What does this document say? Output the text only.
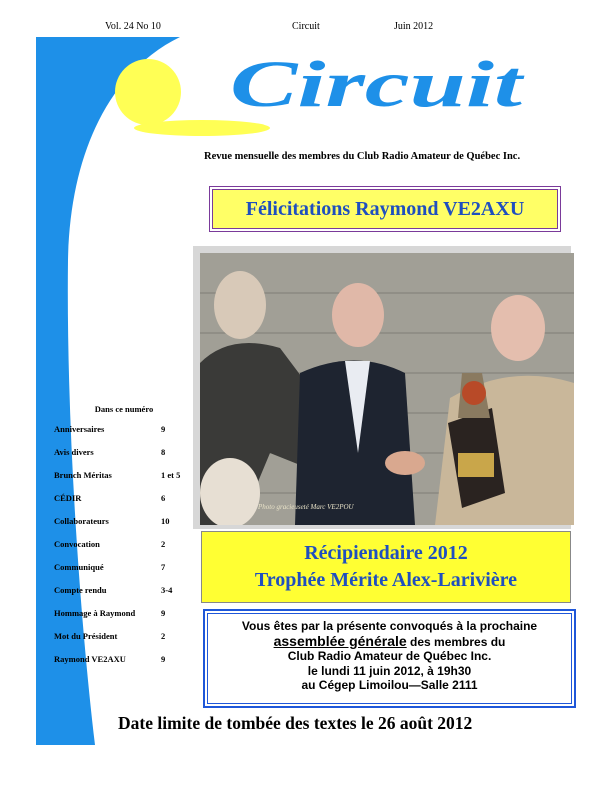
Vol. 24 No 10	Circuit	Juin 2012
Circuit
Revue mensuelle des membres du Club Radio Amateur de Québec Inc.
Félicitations Raymond VE2AXU
Photo gracieuseté Marc VE2POU
Dans ce numéro
Anniversaires	9
Avis divers	8
Brunch Méritas	1 et 5
CÉDIR	6
Collaborateurs	10
Convocation	2
Communiqué	7
Compte rendu	3-4
Hommage à Raymond	9
Mot du Président	2
Raymond VE2AXU	9
Récipiendaire 2012
Trophée Mérite Alex-Larivière
Vous êtes par la présente convoqués à la prochaine
assemblée générale des membres du
Club Radio Amateur de Québec Inc.
le lundi 11 juin 2012, à 19h30
au Cégep Limoilou—Salle 2111
Date limite de tombée des textes le 26 août 2012
